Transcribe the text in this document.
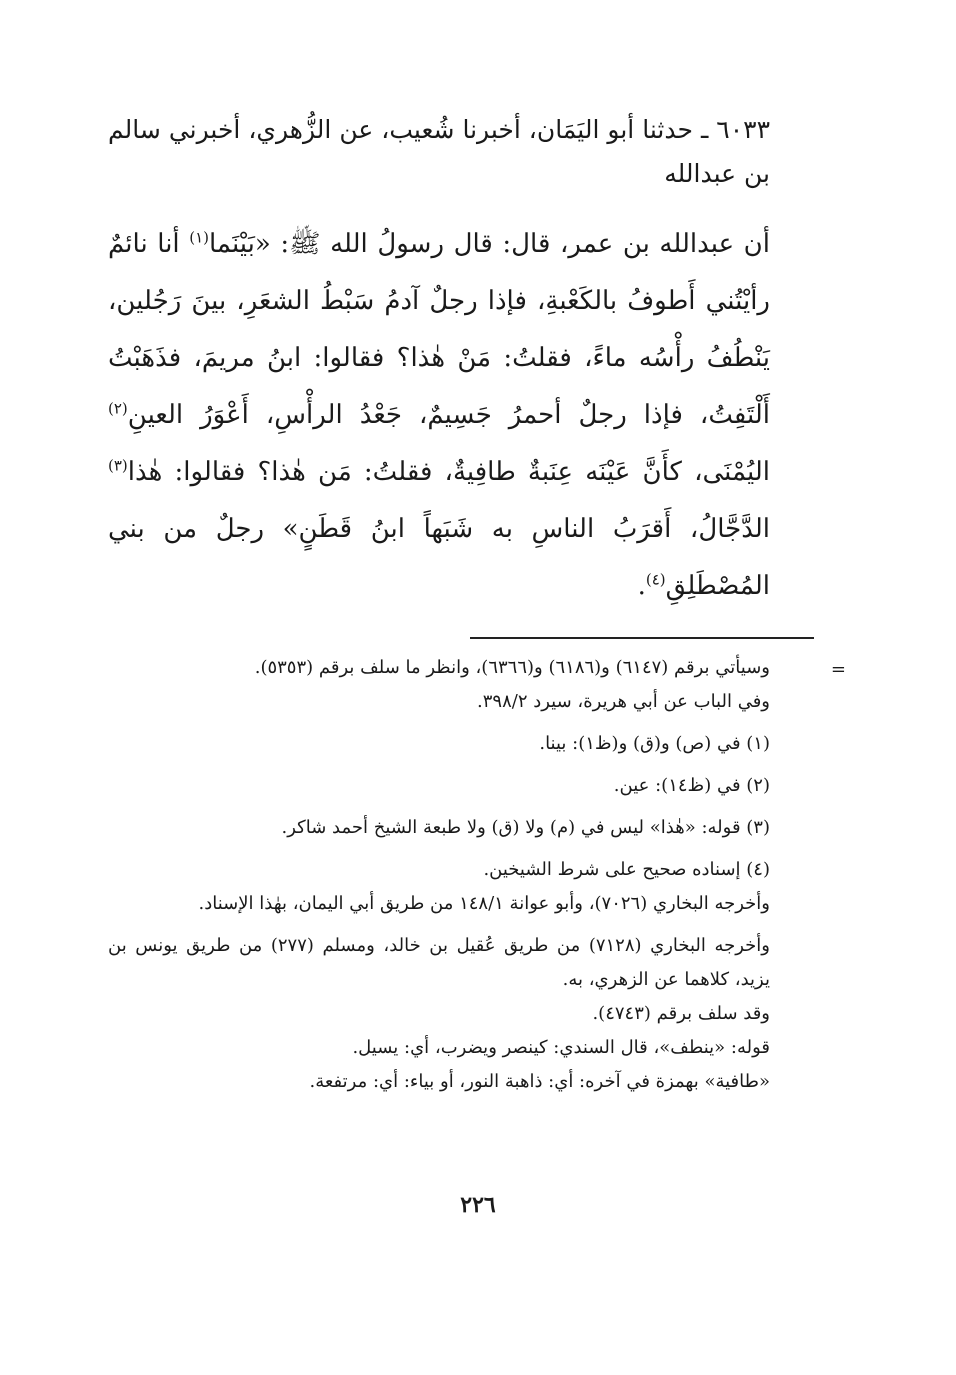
٦٠٣٣ ـ حدثنا أبو اليَمَان، أخبرنا شُعيب، عن الزُّهري، أخبرني سالم بن عبدالله

أن عبدالله بن عمر، قال: قال رسولُ الله ﷺ: «بَيْنَما$^{(١)}$ أنا نائمٌ رأيْتُني أَطوفُ بالكَعْبةِ، فإذا رجلٌ آدمُ سَبْطُ الشعَرِ، بينَ رَجُلين، يَنْطُفُ رأْسُه ماءً، فقلتُ: مَنْ هٰذا؟ فقالوا: ابنُ مريمَ، فذَهَبْتُ أَلْتَفِتُ، فإذا رجلٌ أحمرُ جَسِيمٌ، جَعْدُ الرأْسِ، أَعْوَرُ العينِ$^{(٢)}$ اليُمْنَى، كأَنَّ عَيْنَه عِنَبةٌ طافِيةٌ، فقلتُ: مَن هٰذا؟ فقالوا: هٰذا$^{(٣)}$ الدَّجَّالُ، أَقرَبُ الناسِ به شَبَهاً ابنُ قَطَنٍ» رجلٌ من بني المُصْطَلِقِ$^{(٤)}$.

=

وسيأتي برقم (٦١٤٧) و(٦١٨٦) و(٦٣٦٦)، وانظر ما سلف برقم (٥٣٥٣).

وفي الباب عن أبي هريرة، سيرد ٣٩٨/٢.

(١) في (ص) و(ق) و(ظ١): بينا.

(٢) في (ظ١٤): عين.

(٣) قوله: «هٰذا» ليس في (م) ولا (ق) ولا طبعة الشيخ أحمد شاكر.

(٤) إسناده صحيح على شرط الشيخين.

وأخرجه البخاري (٧٠٢٦)، وأبو عوانة ١٤٨/١ من طريق أبي اليمان، بهٰذا الإسناد.

وأخرجه البخاري (٧١٢٨) من طريق عُقيل بن خالد، ومسلم (٢٧٧) من طريق يونس بن يزيد، كلاهما عن الزهري، به.

وقد سلف برقم (٤٧٤٣).

قوله: «ينطف»، قال السندي: كينصر ويضرب، أي: يسيل.

«طافية» بهمزة في آخره: أي: ذاهبة النور، أو بياء: أي: مرتفعة.

٢٢٦
